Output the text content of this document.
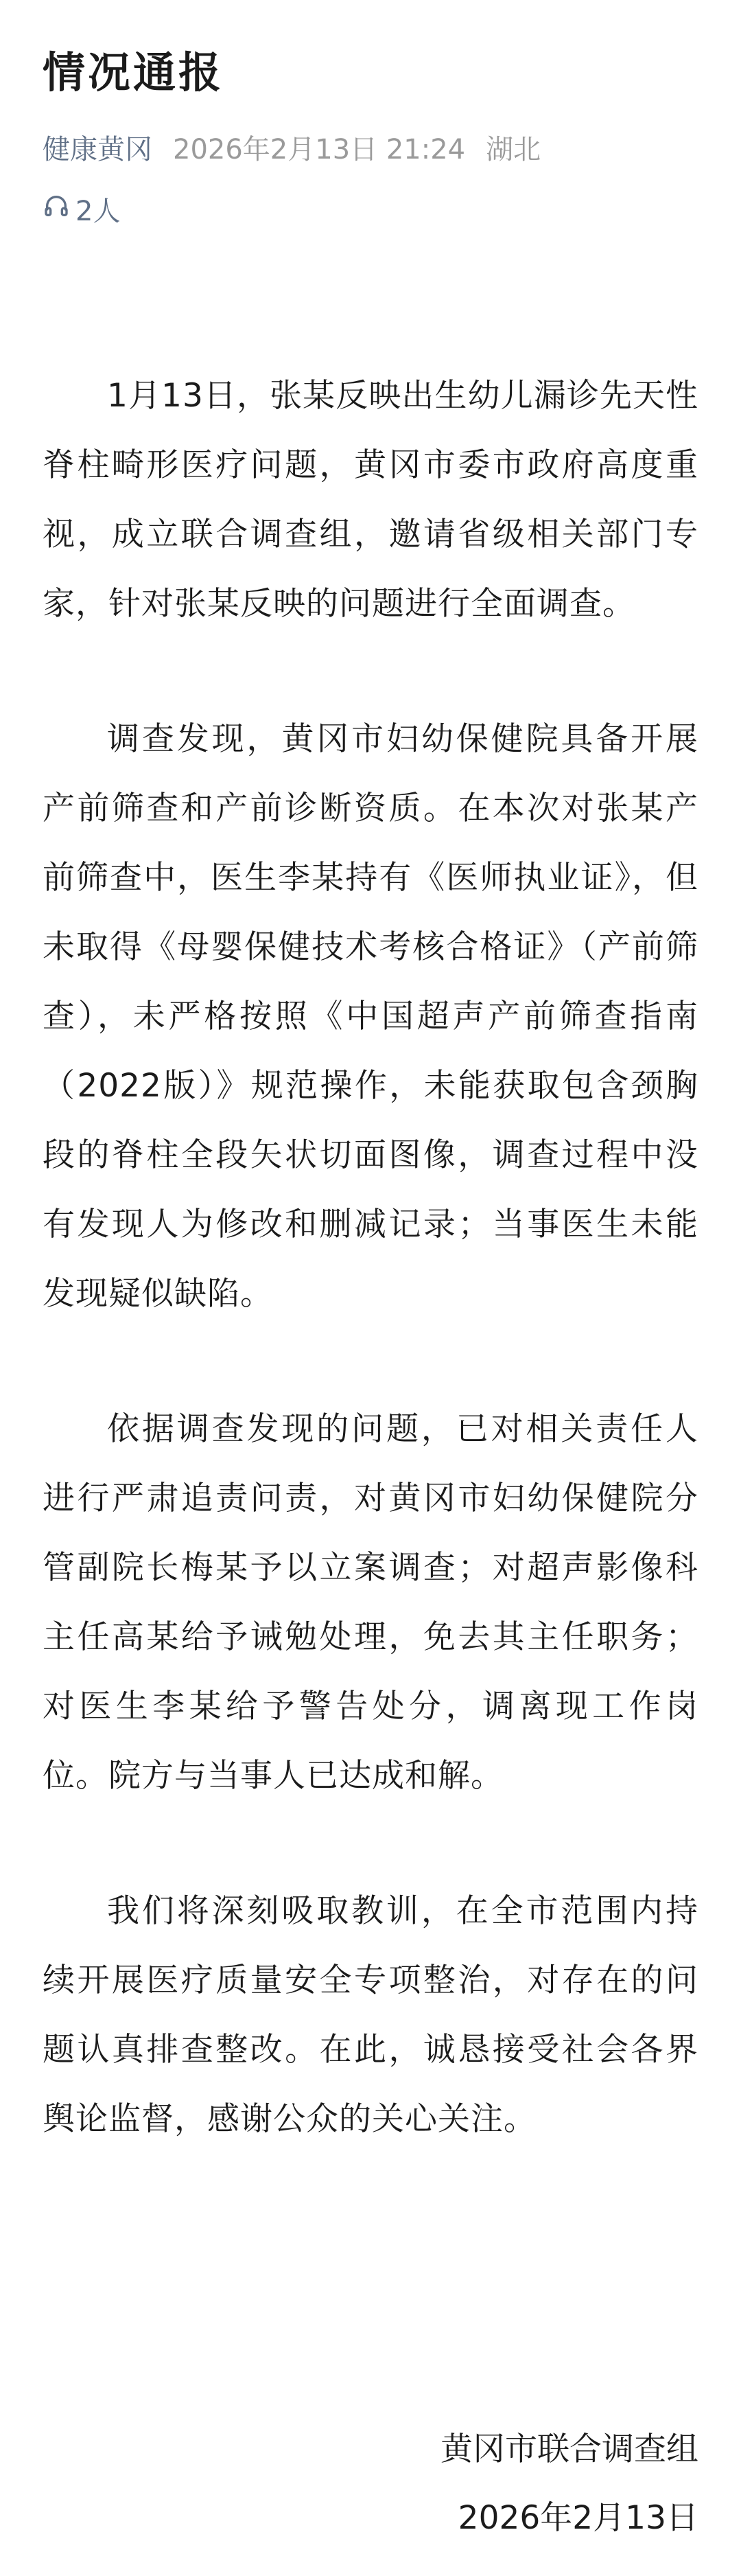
情况通报
健康黄冈 2026年2月13日 21:24 湖北
2人

1月13日，张某反映出生幼儿漏诊先天性脊柱畸形医疗问题，黄冈市委市政府高度重视，成立联合调查组，邀请省级相关部门专家，针对张某反映的问题进行全面调查。

调查发现，黄冈市妇幼保健院具备开展产前筛查和产前诊断资质。在本次对张某产前筛查中，医生李某持有《医师执业证》，但未取得《母婴保健技术考核合格证》（产前筛查），未严格按照《中国超声产前筛查指南（2022版）》规范操作，未能获取包含颈胸段的脊柱全段矢状切面图像，调查过程中没有发现人为修改和删减记录；当事医生未能发现疑似缺陷。

依据调查发现的问题，已对相关责任人进行严肃追责问责，对黄冈市妇幼保健院分管副院长梅某予以立案调查；对超声影像科主任高某给予诫勉处理，免去其主任职务；对医生李某给予警告处分，调离现工作岗位。院方与当事人已达成和解。

我们将深刻吸取教训，在全市范围内持续开展医疗质量安全专项整治，对存在的问题认真排查整改。在此，诚恳接受社会各界舆论监督，感谢公众的关心关注。

黄冈市联合调查组
2026年2月13日
